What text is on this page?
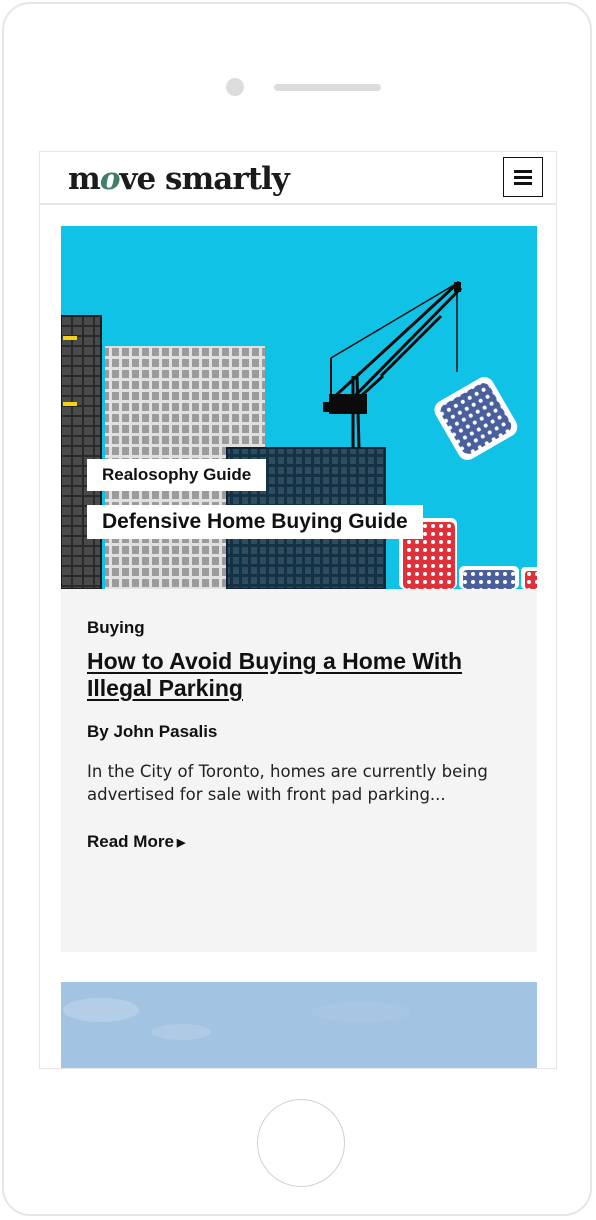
move smartly
Realosophy Guide
Defensive Home Buying Guide
Buying
How to Avoid Buying a Home With Illegal Parking
By John Pasalis
In the City of Toronto, homes are currently being advertised for sale with front pad parking...
Read More ▶
